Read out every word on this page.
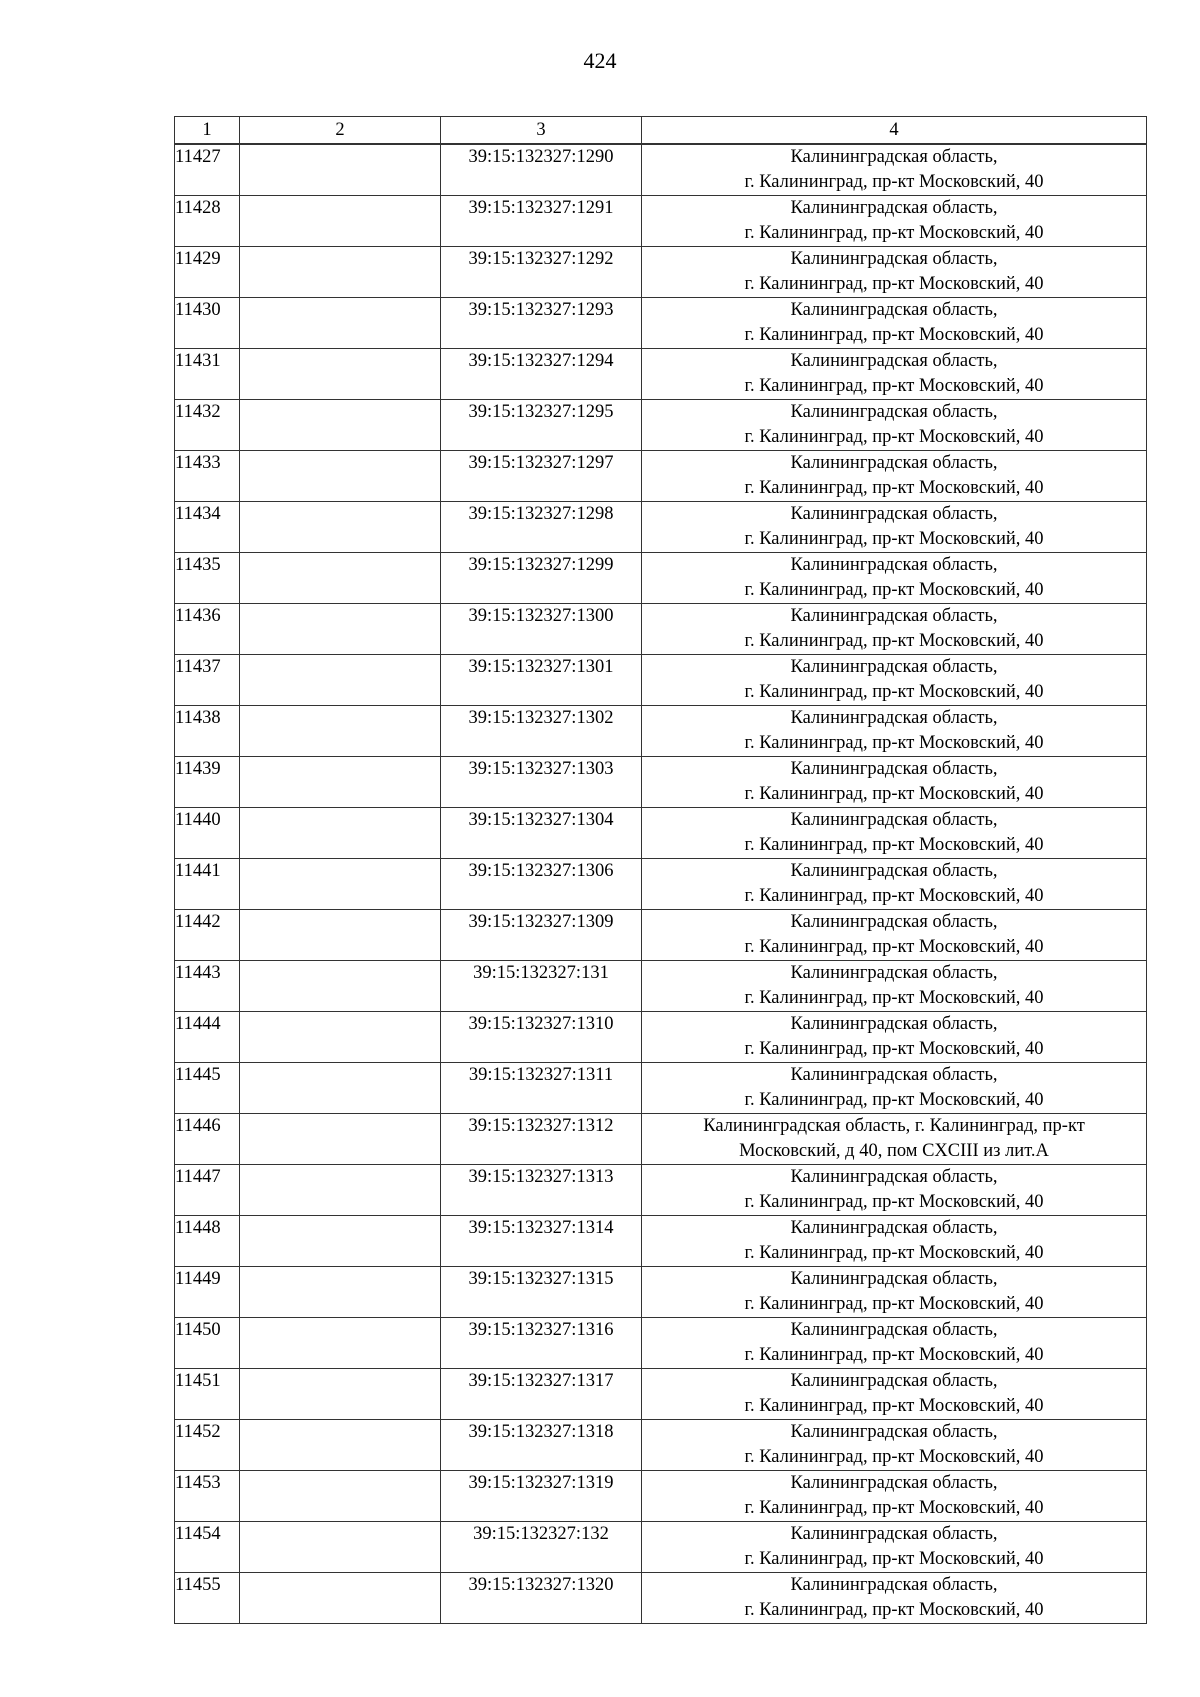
424
1	2	3	4
11427		39:15:132327:1290	Калининградская область,
г. Калининград, пр-кт Московский, 40

11428		39:15:132327:1291	Калининградская область,
г. Калининград, пр-кт Московский, 40

11429		39:15:132327:1292	Калининградская область,
г. Калининград, пр-кт Московский, 40

11430		39:15:132327:1293	Калининградская область,
г. Калининград, пр-кт Московский, 40

11431		39:15:132327:1294	Калининградская область,
г. Калининград, пр-кт Московский, 40

11432		39:15:132327:1295	Калининградская область,
г. Калининград, пр-кт Московский, 40

11433		39:15:132327:1297	Калининградская область,
г. Калининград, пр-кт Московский, 40

11434		39:15:132327:1298	Калининградская область,
г. Калининград, пр-кт Московский, 40

11435		39:15:132327:1299	Калининградская область,
г. Калининград, пр-кт Московский, 40

11436		39:15:132327:1300	Калининградская область,
г. Калининград, пр-кт Московский, 40

11437		39:15:132327:1301	Калининградская область,
г. Калининград, пр-кт Московский, 40

11438		39:15:132327:1302	Калининградская область,
г. Калининград, пр-кт Московский, 40

11439		39:15:132327:1303	Калининградская область,
г. Калининград, пр-кт Московский, 40

11440		39:15:132327:1304	Калининградская область,
г. Калининград, пр-кт Московский, 40

11441		39:15:132327:1306	Калининградская область,
г. Калининград, пр-кт Московский, 40

11442		39:15:132327:1309	Калининградская область,
г. Калининград, пр-кт Московский, 40

11443		39:15:132327:131	Калининградская область,
г. Калининград, пр-кт Московский, 40

11444		39:15:132327:1310	Калининградская область,
г. Калининград, пр-кт Московский, 40

11445		39:15:132327:1311	Калининградская область,
г. Калининград, пр-кт Московский, 40

11446		39:15:132327:1312	Калининградская область, г. Калининград, пр-кт
Московский, д 40, пом CXCIII из лит.А

11447		39:15:132327:1313	Калининградская область,
г. Калининград, пр-кт Московский, 40

11448		39:15:132327:1314	Калининградская область,
г. Калининград, пр-кт Московский, 40

11449		39:15:132327:1315	Калининградская область,
г. Калининград, пр-кт Московский, 40

11450		39:15:132327:1316	Калининградская область,
г. Калининград, пр-кт Московский, 40

11451		39:15:132327:1317	Калининградская область,
г. Калининград, пр-кт Московский, 40

11452		39:15:132327:1318	Калининградская область,
г. Калининград, пр-кт Московский, 40

11453		39:15:132327:1319	Калининградская область,
г. Калининград, пр-кт Московский, 40

11454		39:15:132327:132	Калининградская область,
г. Калининград, пр-кт Московский, 40

11455		39:15:132327:1320	Калининградская область,
г. Калининград, пр-кт Московский, 40
